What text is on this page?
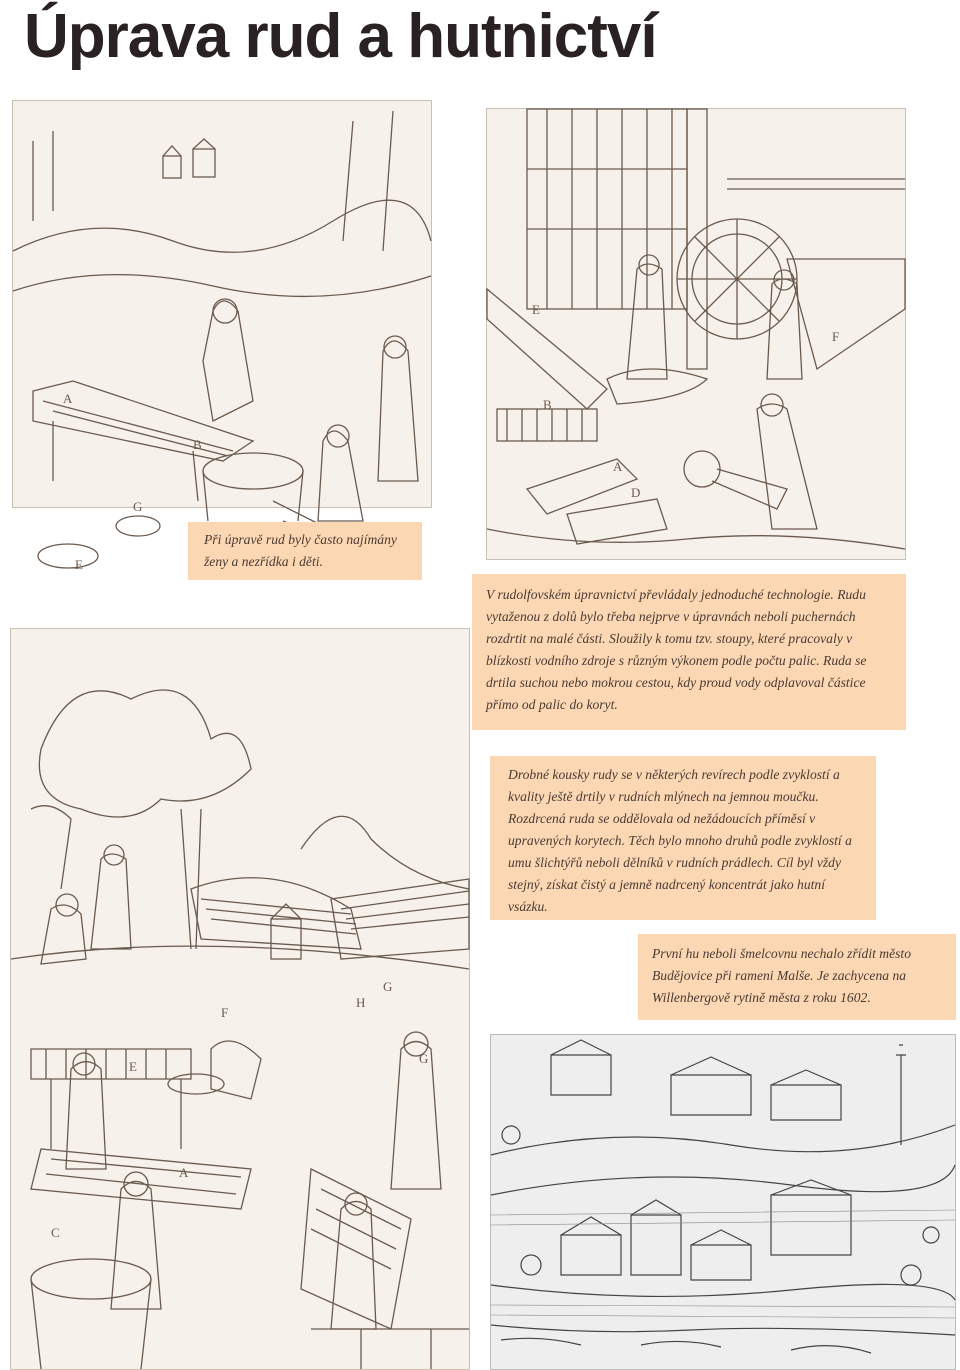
Úprava rud a hutnictví
A
B
G
E
E
F
B
A
D

Při úpravě rud byly často najímány ženy a nezřídka i děti.

V rudolfovském úpravnictví převládaly jednoduché technologie. Rudu vytaženou z dolů bylo třeba nejprve v úpravnách neboli puchernách rozdrtit na malé části. Sloužily k tomu tzv. stoupy, které pracovaly v blízkosti vodního zdroje s různým výkonem podle počtu palic. Ruda se drtila suchou nebo mokrou cestou, kdy proud vody odplavoval částice přímo od palic do koryt.

F
E
A
C
G
H
G

Drobné kousky rudy se v některých revírech podle zvyklostí a kvality ještě drtily v rudních mlýnech na jemnou moučku. Rozdrcená ruda se oddělovala od nežádoucích příměsí v upravených korytech. Těch bylo mnoho druhů podle zvyklostí a umu šlichtýřů neboli dělníků v rudních prádlech. Cíl byl vždy stejný, získat čistý a jemně nadrcený koncentrát jako hutní vsázku.

První hu neboli šmelcovnu nechalo zřídit město Budějovice při rameni Malše. Je zachycena na Willenbergově rytině města z roku 1602.
